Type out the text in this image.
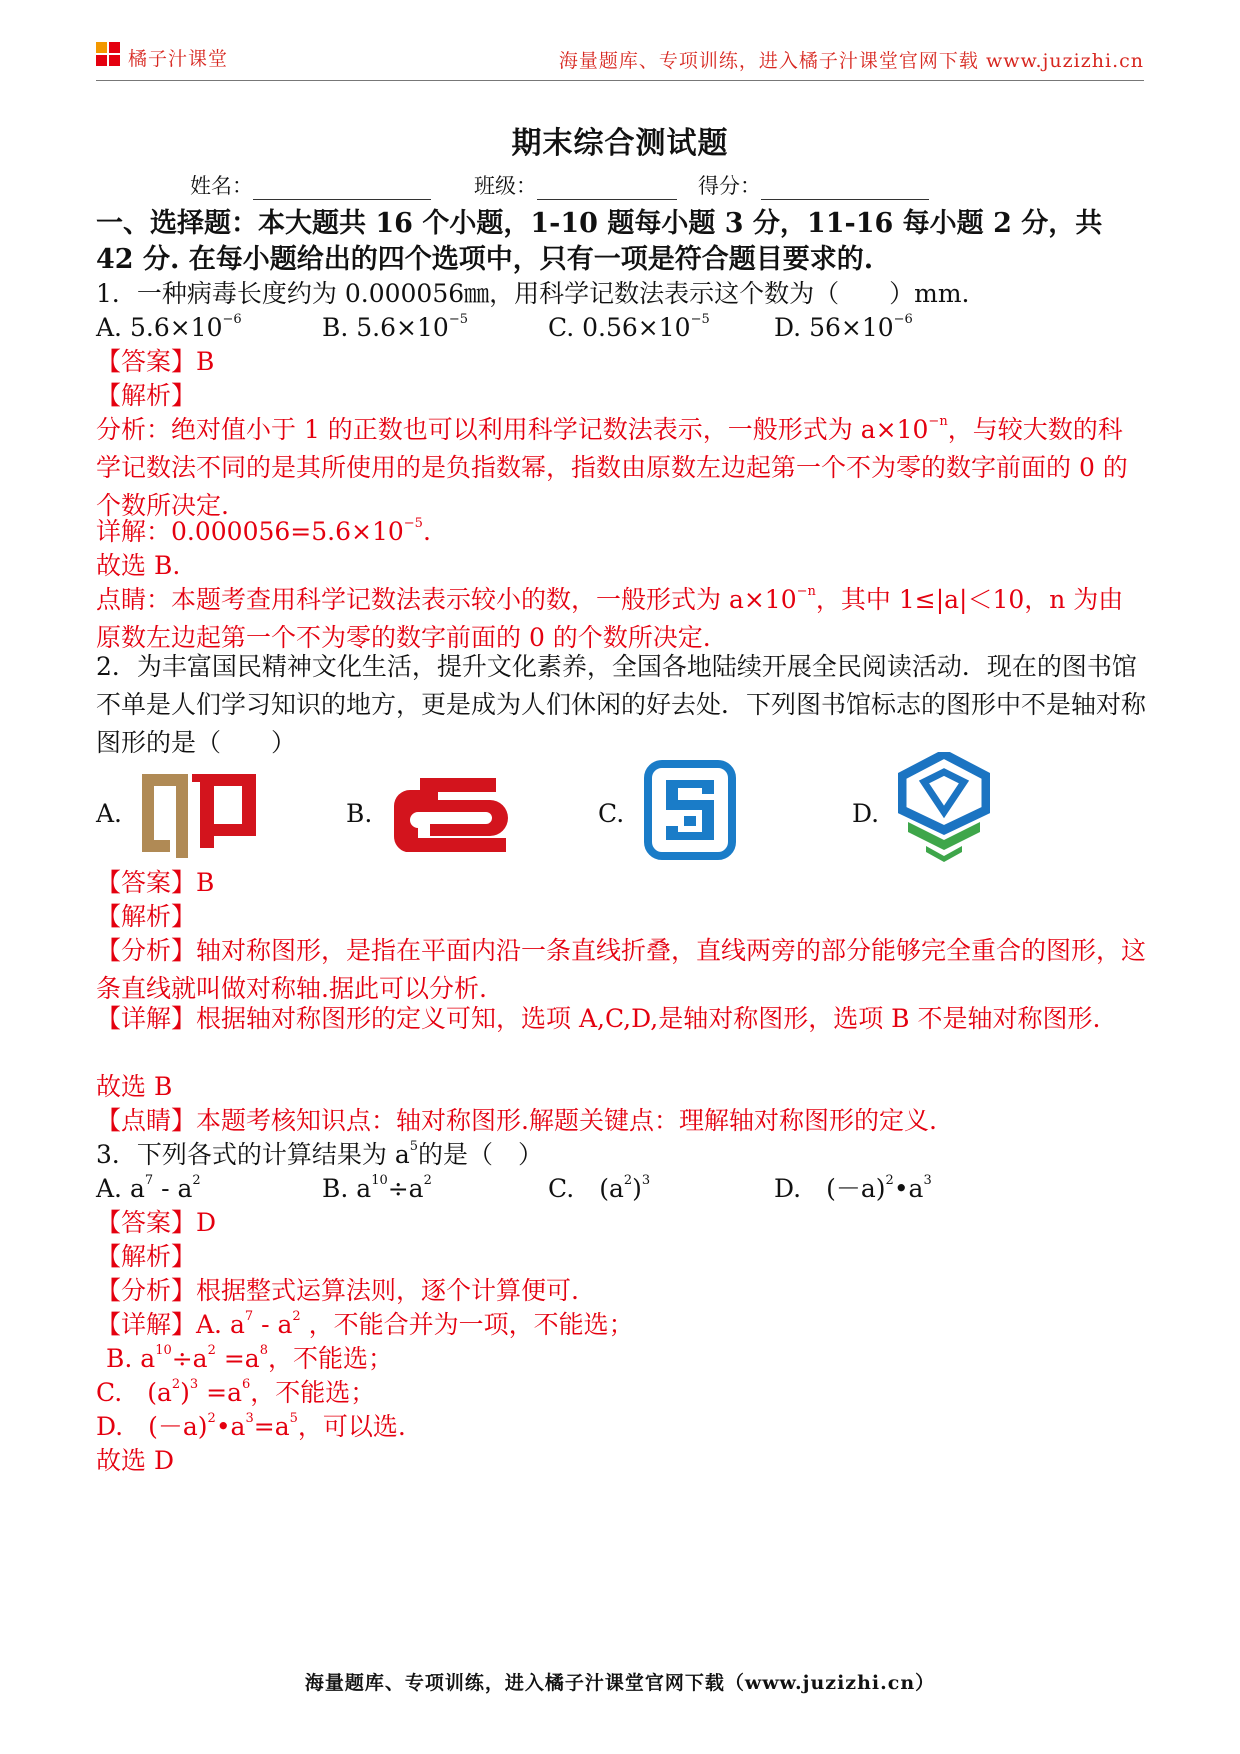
橘子汁课堂	海量题库、专项训练，进入橘子汁课堂官网下载 www.juzizhi.cn
期末综合测试题
姓名：	班级：	得分：
一、选择题：本大题共 16 个小题，1-10 题每小题 3 分，11-16 每小题 2 分，共 42 分. 在每小题给出的四个选项中，只有一项是符合题目要求的.
1．一种病毒长度约为 0.000056㎜，用科学记数法表示这个数为（　　）mm.
A. $5.6\times 10^{-6}$	B. $5.6\times 10^{-5}$	C. $0.56\times 10^{-5}$	D. $56\times 10^{-6}$
【答案】B
【解析】
分析：绝对值小于 1 的正数也可以利用科学记数法表示，一般形式为 $a\times 10^{-n}$，与较大数的科学记数法不同的是其所使用的是负指数幂，指数由原数左边起第一个不为零的数字前面的 0 的个数所决定.
详解：$0.000056=5.6\times 10^{-5}$.
故选 B.
点睛：本题考查用科学记数法表示较小的数，一般形式为 $a\times 10^{-n}$，其中 1≤|a|＜10，n 为由原数左边起第一个不为零的数字前面的 0 的个数所决定.
2．为丰富国民精神文化生活，提升文化素养，全国各地陆续开展全民阅读活动．现在的图书馆不单是人们学习知识的地方，更是成为人们休闲的好去处．下列图书馆标志的图形中不是轴对称图形的是（　　）
A.	B.	C.	D.
【答案】B
【解析】
【分析】轴对称图形，是指在平面内沿一条直线折叠，直线两旁的部分能够完全重合的图形，这条直线就叫做对称轴.据此可以分析.
【详解】根据轴对称图形的定义可知，选项 A,C,D,是轴对称图形，选项 B 不是轴对称图形.
故选 B
【点睛】本题考核知识点：轴对称图形.解题关键点：理解轴对称图形的定义.
3．下列各式的计算结果为 $a^5$的是（　）
A. $a^7 - a^2$	B. $a^{10}\div a^2$	C.　$(a^2)^3$	D.　$(-a)^2•a^3$
【答案】D
【解析】
【分析】根据整式运算法则，逐个计算便可.
【详解】A. $a^7 - a^2$ ，不能合并为一项，不能选；
B. $a^{10}\div a^2 =a^8$，不能选；
C.　$(a^2)^3 =a^6$，不能选；
D.　$(-a)^2•a^3=a^5$，可以选.
故选 D
海量题库、专项训练，进入橘子汁课堂官网下载（www.juzizhi.cn）
